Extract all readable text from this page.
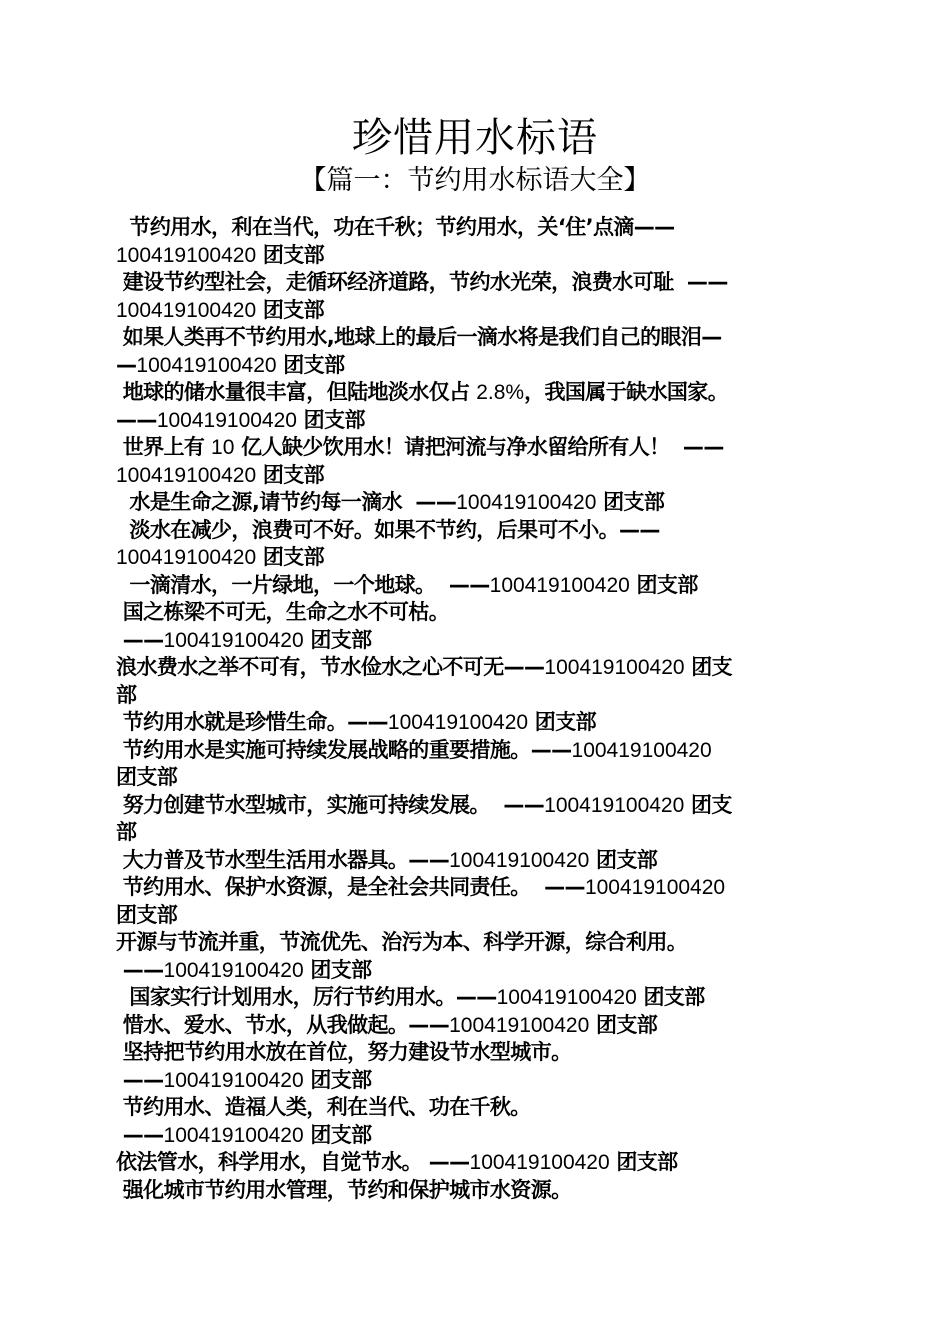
珍惜用水标语
【篇一：节约用水标语大全】
节约用水，利在当代，功在千秋；节约用水，关‘住’点滴——
100419100420 团支部
建设节约型社会，走循环经济道路，节约水光荣，浪费水可耻  ——
100419100420 团支部
如果人类再不节约用水,地球上的最后一滴水将是我们自己的眼泪—
—100419100420 团支部
地球的储水量很丰富，但陆地淡水仅占 2.8%，我国属于缺水国家。
——100419100420 团支部
世界上有 10 亿人缺少饮用水！请把河流与净水留给所有人！  ——
100419100420 团支部
水是生命之源,请节约每一滴水  ——100419100420 团支部
淡水在减少，浪费可不好。如果不节约，后果可不小。——
100419100420 团支部
一滴清水，一片绿地，一个地球。  ——100419100420 团支部
国之栋梁不可无，生命之水不可枯。
——100419100420 团支部
浪水费水之举不可有，节水俭水之心不可无——100419100420 团支
部
节约用水就是珍惜生命。——100419100420 团支部
节约用水是实施可持续发展战略的重要措施。——100419100420
团支部
努力创建节水型城市，实施可持续发展。  ——100419100420 团支
部
大力普及节水型生活用水器具。——100419100420 团支部
节约用水、保护水资源，是全社会共同责任。  ——100419100420
团支部
开源与节流并重，节流优先、治污为本、科学开源，综合利用。
——100419100420 团支部
国家实行计划用水，厉行节约用水。——100419100420 团支部
惜水、爱水、节水，从我做起。——100419100420 团支部
坚持把节约用水放在首位，努力建设节水型城市。
——100419100420 团支部
节约用水、造福人类，利在当代、功在千秋。
——100419100420 团支部
依法管水，科学用水，自觉节水。 ——100419100420 团支部
强化城市节约用水管理，节约和保护城市水资源。
